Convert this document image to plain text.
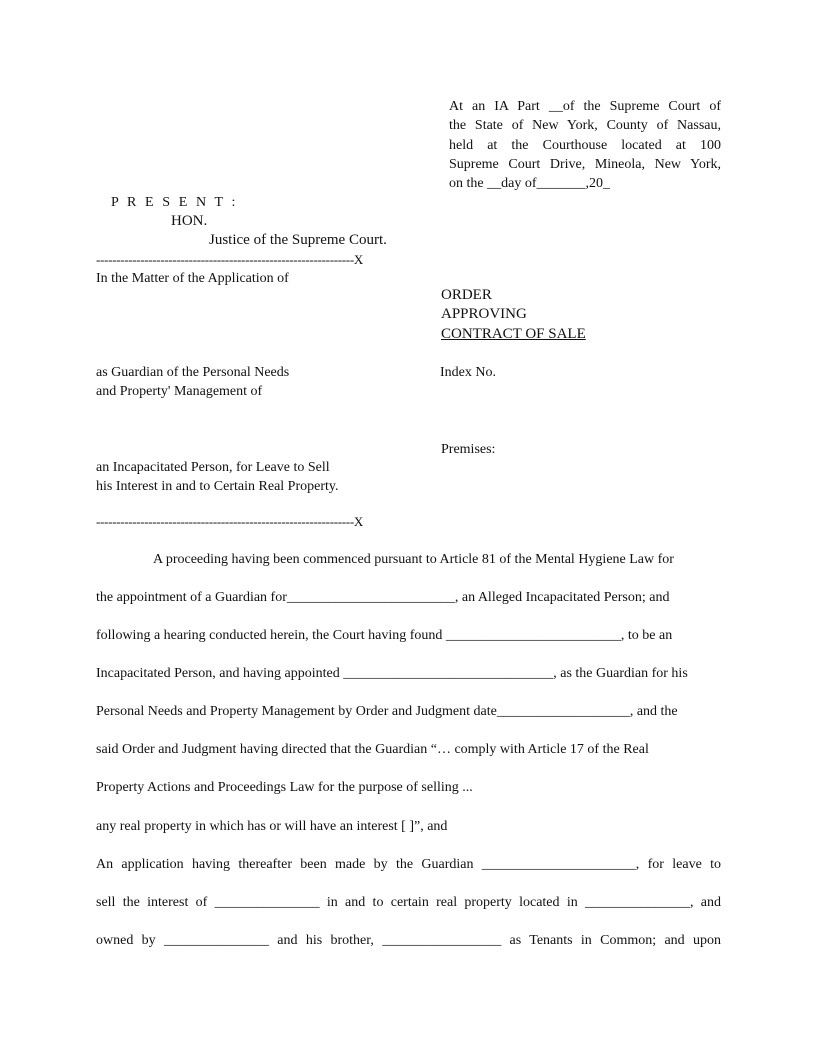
At an IA Part __of the Supreme Court of
the State of New York, County of Nassau,
held at the Courthouse located at 100
Supreme Court Drive, Mineola, New York,
on the __day of_______,20_
P R E S E N T :
HON.
Justice of the Supreme Court.
----------------------------------------------------------------X
In the Matter of the Application of
as Guardian of the Personal Needs
and Property' Management of
an Incapacitated Person, for Leave to Sell
his Interest in and to Certain Real Property.
ORDER
APPROVING
CONTRACT OF SALE
Index No.
Premises:
----------------------------------------------------------------X
A proceeding having been commenced pursuant to Article 81 of the Mental Hygiene Law for
the appointment of a Guardian for________________________, an Alleged Incapacitated Person; and
following a hearing conducted herein, the Court having found _________________________, to be an
Incapacitated Person, and having appointed ______________________________, as the Guardian for his
Personal Needs and Property Management by Order and Judgment date___________________, and the
said Order and Judgment having directed that the Guardian “… comply with Article 17 of the Real
Property Actions and Proceedings Law for the purpose of selling ...
any real property in which has or will have an interest [ ]”, and
An application having thereafter been made by the Guardian ______________________, for leave to
sell the interest of _______________ in and to certain real property located in _______________, and
owned by _______________ and his brother, _________________ as Tenants in Common; and upon
